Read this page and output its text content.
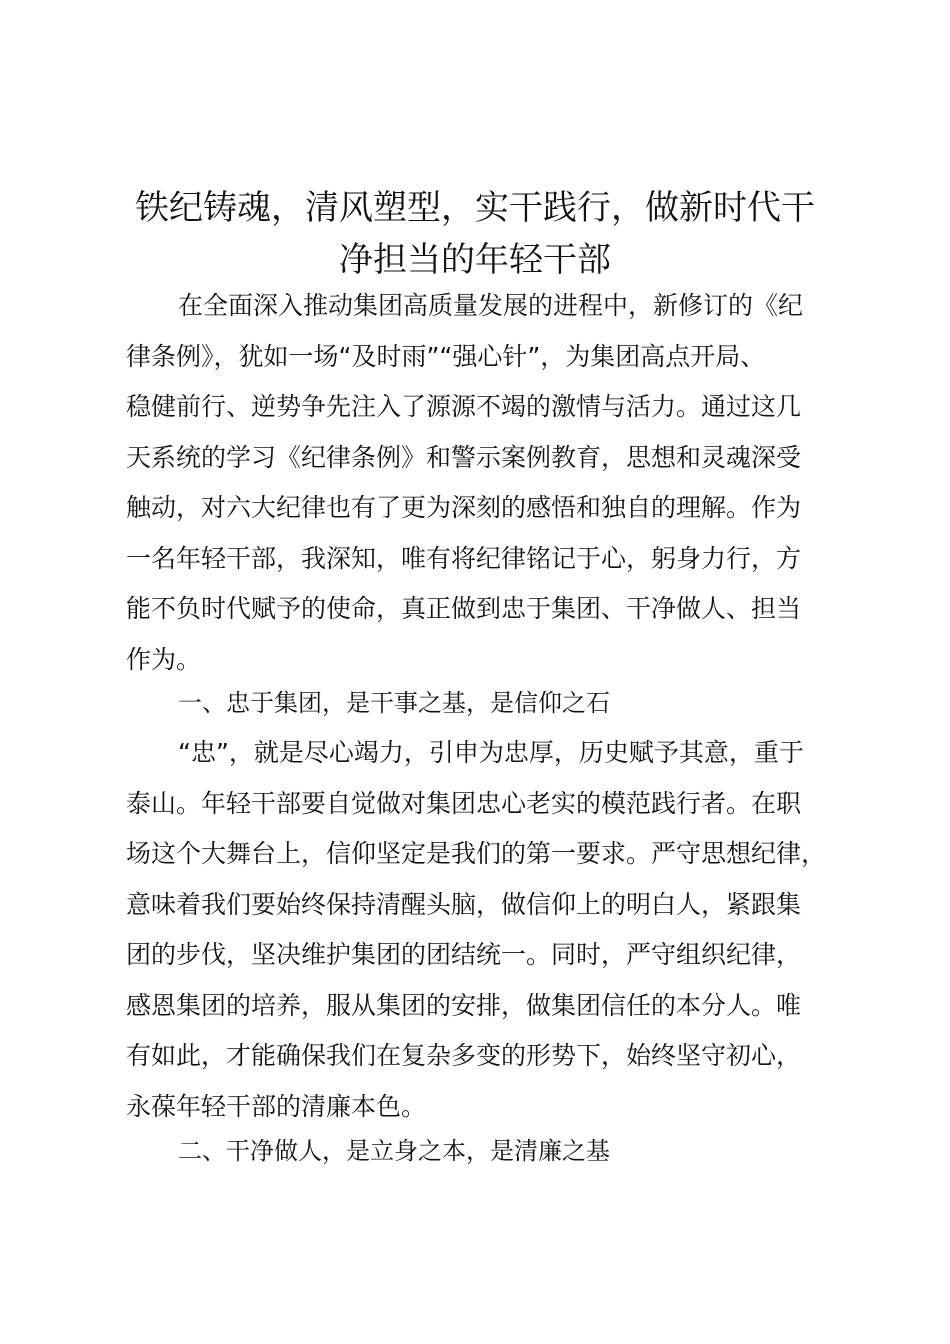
铁纪铸魂，清风塑型，实干践行，做新时代干
净担当的年轻干部
在全面深入推动集团高质量发展的进程中，新修订的《纪
律条例》，犹如一场“及时雨”“强心针”，为集团高点开局、
稳健前行、逆势争先注入了源源不竭的激情与活力。通过这几
天系统的学习《纪律条例》和警示案例教育，思想和灵魂深受
触动，对六大纪律也有了更为深刻的感悟和独自的理解。作为
一名年轻干部，我深知，唯有将纪律铭记于心，躬身力行，方
能不负时代赋予的使命，真正做到忠于集团、干净做人、担当
作为。
一、忠于集团，是干事之基，是信仰之石
“忠”，就是尽心竭力，引申为忠厚，历史赋予其意，重于
泰山。年轻干部要自觉做对集团忠心老实的模范践行者。在职
场这个大舞台上，信仰坚定是我们的第一要求。严守思想纪律，
意味着我们要始终保持清醒头脑，做信仰上的明白人，紧跟集
团的步伐，坚决维护集团的团结统一。同时，严守组织纪律，
感恩集团的培养，服从集团的安排，做集团信任的本分人。唯
有如此，才能确保我们在复杂多变的形势下，始终坚守初心，
永葆年轻干部的清廉本色。
二、干净做人，是立身之本，是清廉之基
